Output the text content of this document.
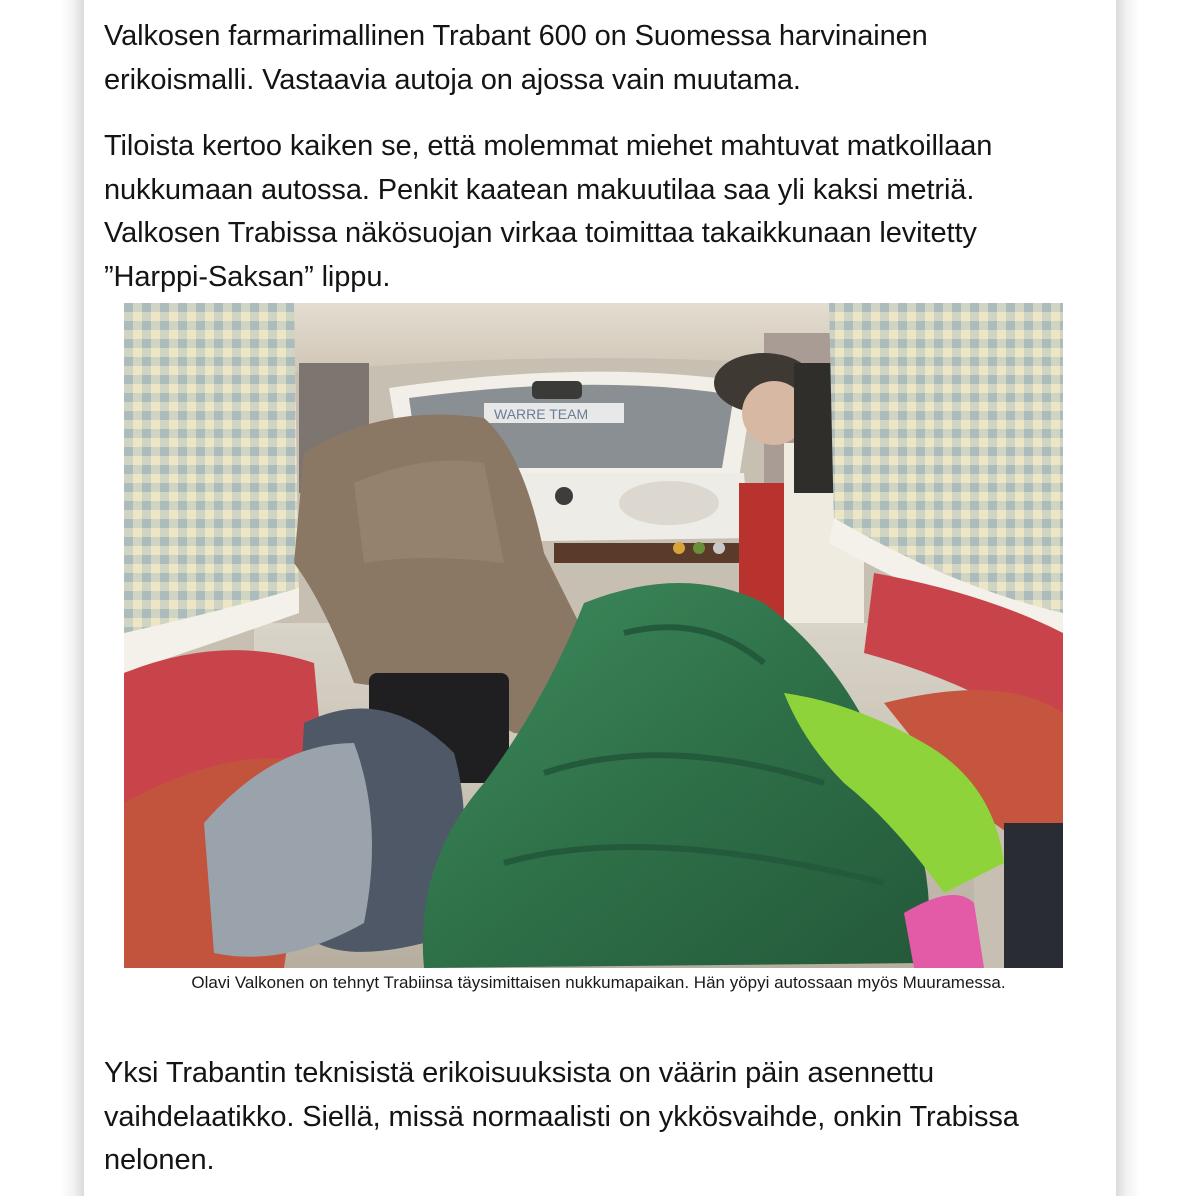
Valkosen farmarimallinen Trabant 600 on Suomessa harvinainen erikoismalli. Vastaavia autoja on ajossa vain muutama.

Tiloista kertoo kaiken se, että molemmat miehet mahtuvat matkoillaan nukkumaan autossa. Penkit kaatean makuutilaa saa yli kaksi metriä. Valkosen Trabissa näkösuojan virkaa toimittaa takaikkunaan levitetty ”Harppi-Saksan” lippu.

WARRE TEAM

Olavi Valkonen on tehnyt Trabiinsa täysimittaisen nukkumapaikan. Hän yöpyi autossaan myös Muuramessa.

Yksi Trabantin teknisistä erikoisuuksista on väärin päin asennettu vaihdelaatikko. Siellä, missä normaalisti on ykkösvaihde, onkin Trabissa nelonen.
